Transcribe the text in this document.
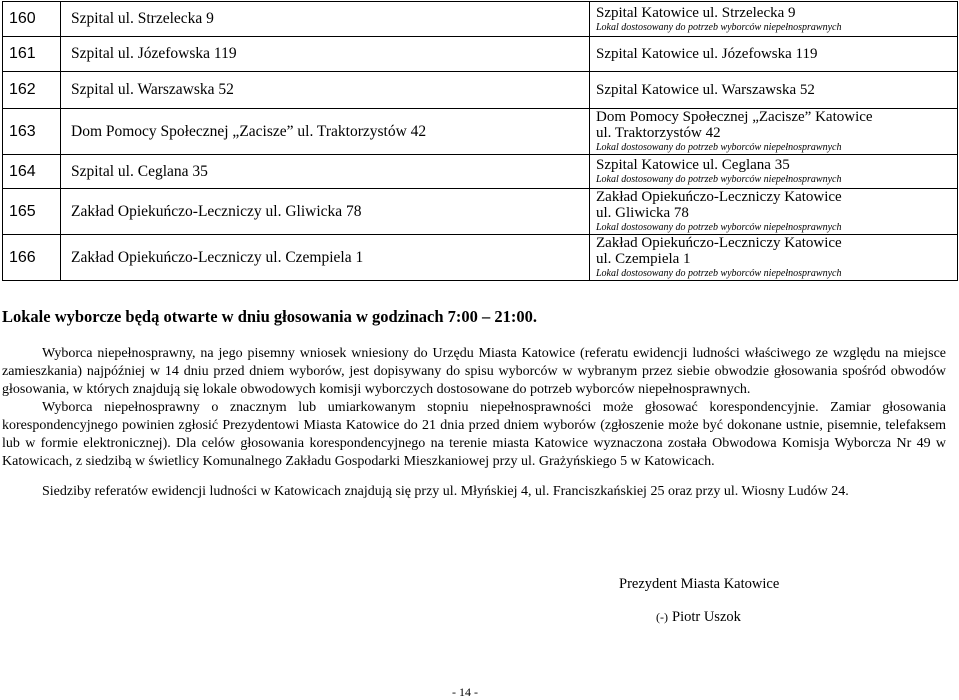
160	Szpital ul. Strzelecka 9	Szpital Katowice ul. Strzelecka 9
Lokal dostosowany do potrzeb wyborców niepełnosprawnych

161	Szpital ul. Józefowska 119	Szpital Katowice ul. Józefowska 119

162	Szpital ul. Warszawska 52	Szpital Katowice ul. Warszawska 52

163	Dom Pomocy Społecznej „Zacisze” ul. Traktorzystów 42	Dom Pomocy Społecznej „Zacisze” Katowice
ul. Traktorzystów 42
Lokal dostosowany do potrzeb wyborców niepełnosprawnych

164	Szpital ul. Ceglana 35	Szpital Katowice ul. Ceglana 35
Lokal dostosowany do potrzeb wyborców niepełnosprawnych

165	Zakład Opiekuńczo-Leczniczy ul. Gliwicka 78	Zakład Opiekuńczo-Leczniczy Katowice
ul. Gliwicka 78
Lokal dostosowany do potrzeb wyborców niepełnosprawnych

166	Zakład Opiekuńczo-Leczniczy ul. Czempiela 1	Zakład Opiekuńczo-Leczniczy Katowice
ul. Czempiela 1
Lokal dostosowany do potrzeb wyborców niepełnosprawnych
Lokale wyborcze będą otwarte w dniu głosowania w godzinach 7:00 – 21:00.

Wyborca niepełnosprawny, na jego pisemny wniosek wniesiony do Urzędu Miasta Katowice (referatu ewidencji ludności właściwego ze względu na miejsce zamieszkania) najpóźniej w 14 dniu przed dniem wyborów, jest dopisywany do spisu wyborców w wybranym przez siebie obwodzie głosowania spośród obwodów głosowania, w których znajdują się lokale obwodowych komisji wyborczych dostosowane do potrzeb wyborców niepełnosprawnych.

Wyborca niepełnosprawny o znacznym lub umiarkowanym stopniu niepełnosprawności może głosować korespondencyjnie. Zamiar głosowania korespondencyjnego powinien zgłosić Prezydentowi Miasta Katowice do 21 dnia przed dniem wyborów (zgłoszenie może być dokonane ustnie, pisemnie, telefaksem lub w formie elektronicznej). Dla celów głosowania korespondencyjnego na terenie miasta Katowice wyznaczona została Obwodowa Komisja Wyborcza Nr 49 w Katowicach, z siedzibą w świetlicy Komunalnego Zakładu Gospodarki Mieszkaniowej przy ul. Grażyńskiego 5 w Katowicach.

Siedziby referatów ewidencji ludności w Katowicach znajdują się przy ul. Młyńskiej 4, ul. Franciszkańskiej 25 oraz przy ul. Wiosny Ludów 24.

Prezydent Miasta Katowice
(-) Piotr Uszok
- 14 -
